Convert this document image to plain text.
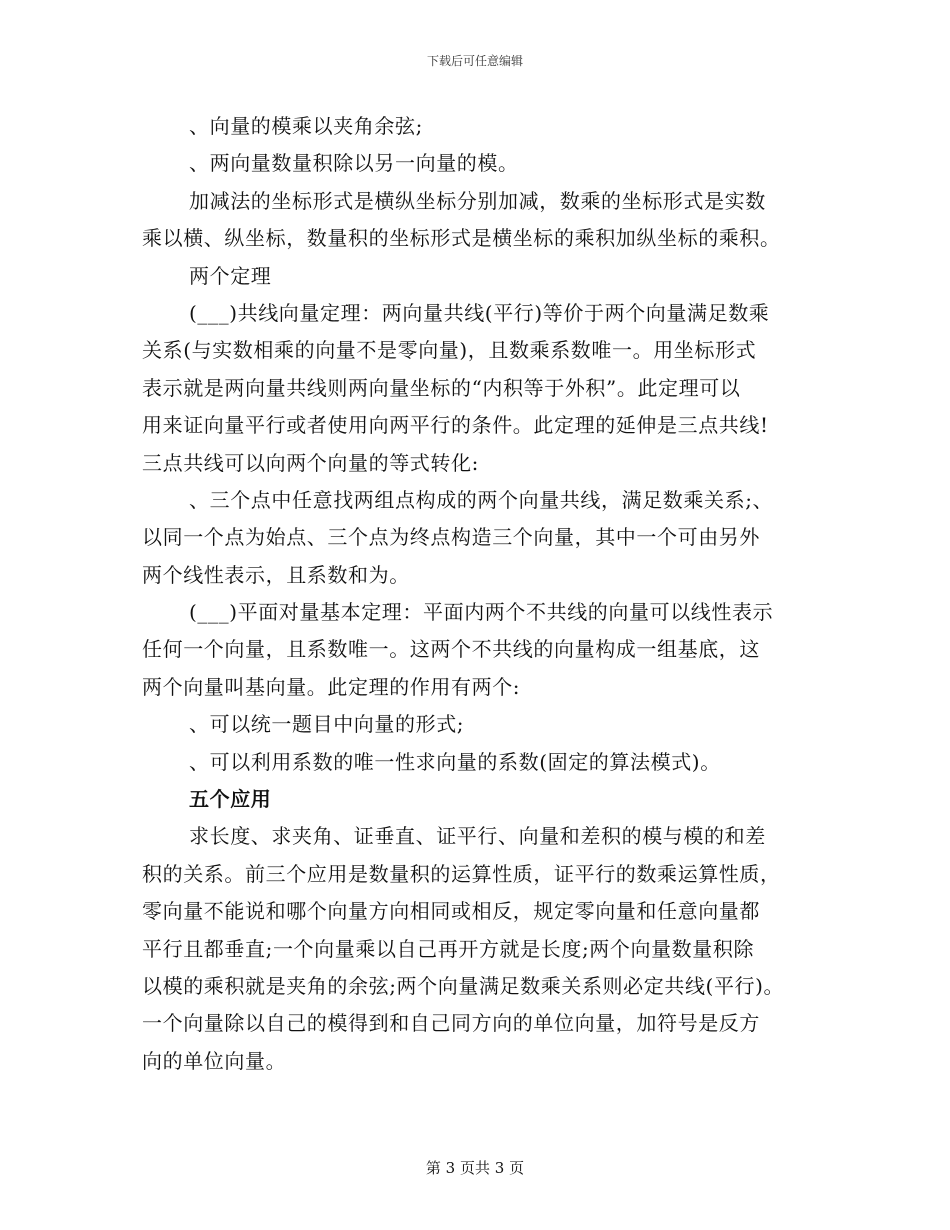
下载后可任意编辑
、向量的模乘以夹角余弦;
、两向量数量积除以另一向量的模。
加减法的坐标形式是横纵坐标分别加减，数乘的坐标形式是实数
乘以横、纵坐标，数量积的坐标形式是横坐标的乘积加纵坐标的乘积。
两个定理
(___)共线向量定理：两向量共线(平行)等价于两个向量满足数乘
关系(与实数相乘的向量不是零向量)，且数乘系数唯一。用坐标形式
表示就是两向量共线则两向量坐标的“内积等于外积”。此定理可以
用来证向量平行或者使用向两平行的条件。此定理的延伸是三点共线!
三点共线可以向两个向量的等式转化:
、三个点中任意找两组点构成的两个向量共线，满足数乘关系;、
以同一个点为始点、三个点为终点构造三个向量，其中一个可由另外
两个线性表示，且系数和为。
(___)平面对量基本定理：平面内两个不共线的向量可以线性表示
任何一个向量，且系数唯一。这两个不共线的向量构成一组基底，这
两个向量叫基向量。此定理的作用有两个:
、可以统一题目中向量的形式;
、可以利用系数的唯一性求向量的系数(固定的算法模式)。
五个应用
求长度、求夹角、证垂直、证平行、向量和差积的模与模的和差
积的关系。前三个应用是数量积的运算性质，证平行的数乘运算性质，
零向量不能说和哪个向量方向相同或相反，规定零向量和任意向量都
平行且都垂直;一个向量乘以自己再开方就是长度;两个向量数量积除
以模的乘积就是夹角的余弦;两个向量满足数乘关系则必定共线(平行)。
一个向量除以自己的模得到和自己同方向的单位向量，加符号是反方
向的单位向量。
第 3 页共 3 页
